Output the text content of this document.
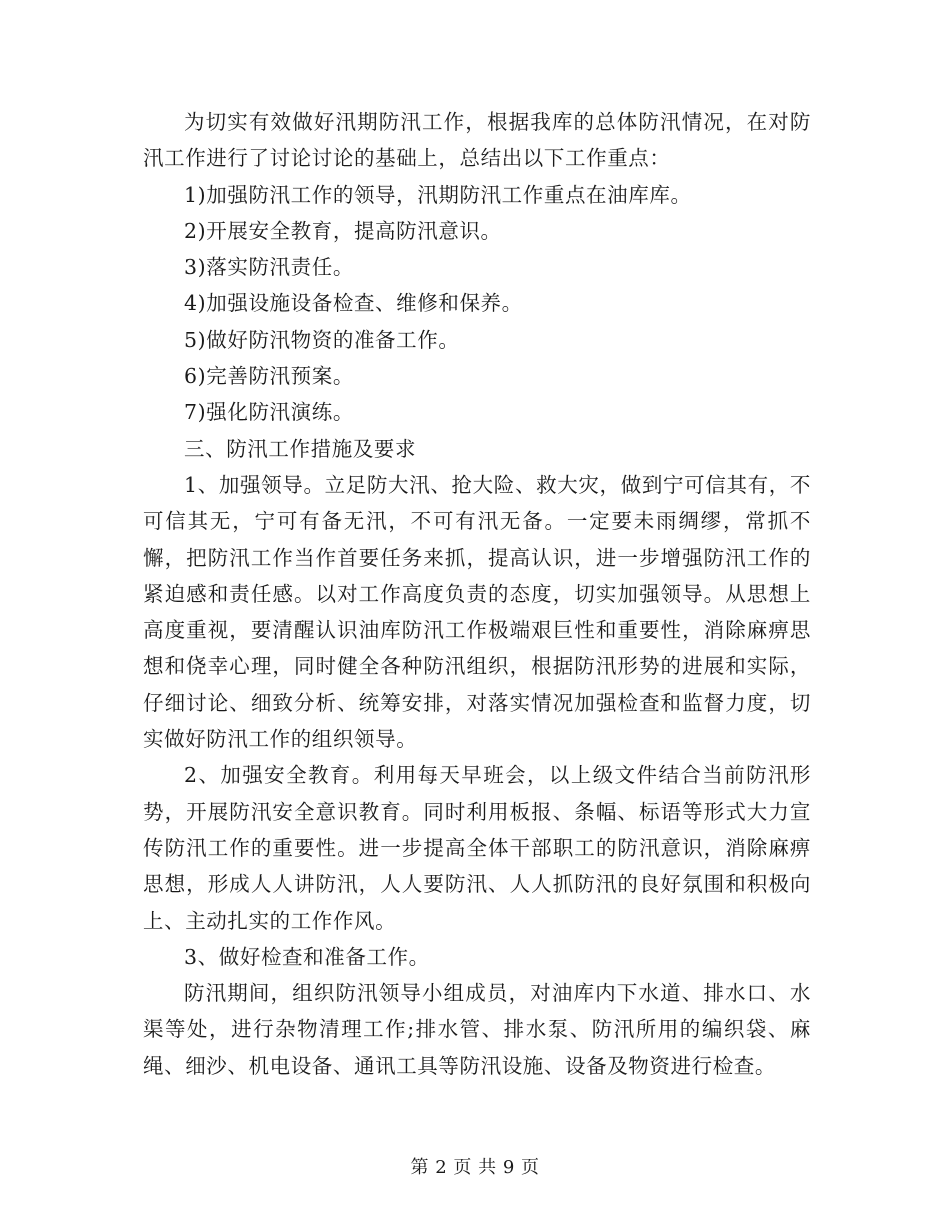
为切实有效做好汛期防汛工作，根据我库的总体防汛情况，在对防汛工作进行了讨论讨论的基础上，总结出以下工作重点：

1)加强防汛工作的领导，汛期防汛工作重点在油库库。

2)开展安全教育，提高防汛意识。

3)落实防汛责任。

4)加强设施设备检查、维修和保养。

5)做好防汛物资的准备工作。

6)完善防汛预案。

7)强化防汛演练。

三、防汛工作措施及要求

1、加强领导。立足防大汛、抢大险、救大灾，做到宁可信其有，不可信其无，宁可有备无汛，不可有汛无备。一定要未雨绸缪，常抓不懈，把防汛工作当作首要任务来抓，提高认识，进一步增强防汛工作的紧迫感和责任感。以对工作高度负责的态度，切实加强领导。从思想上高度重视，要清醒认识油库防汛工作极端艰巨性和重要性，消除麻痹思想和侥幸心理，同时健全各种防汛组织，根据防汛形势的进展和实际，仔细讨论、细致分析、统筹安排，对落实情况加强检查和监督力度，切实做好防汛工作的组织领导。

2、加强安全教育。利用每天早班会，以上级文件结合当前防汛形势，开展防汛安全意识教育。同时利用板报、条幅、标语等形式大力宣传防汛工作的重要性。进一步提高全体干部职工的防汛意识，消除麻痹思想，形成人人讲防汛，人人要防汛、人人抓防汛的良好氛围和积极向上、主动扎实的工作作风。

3、做好检查和准备工作。

防汛期间，组织防汛领导小组成员，对油库内下水道、排水口、水渠等处，进行杂物清理工作;排水管、排水泵、防汛所用的编织袋、麻绳、细沙、机电设备、通讯工具等防汛设施、设备及物资进行检查。

第 2 页 共 9 页
